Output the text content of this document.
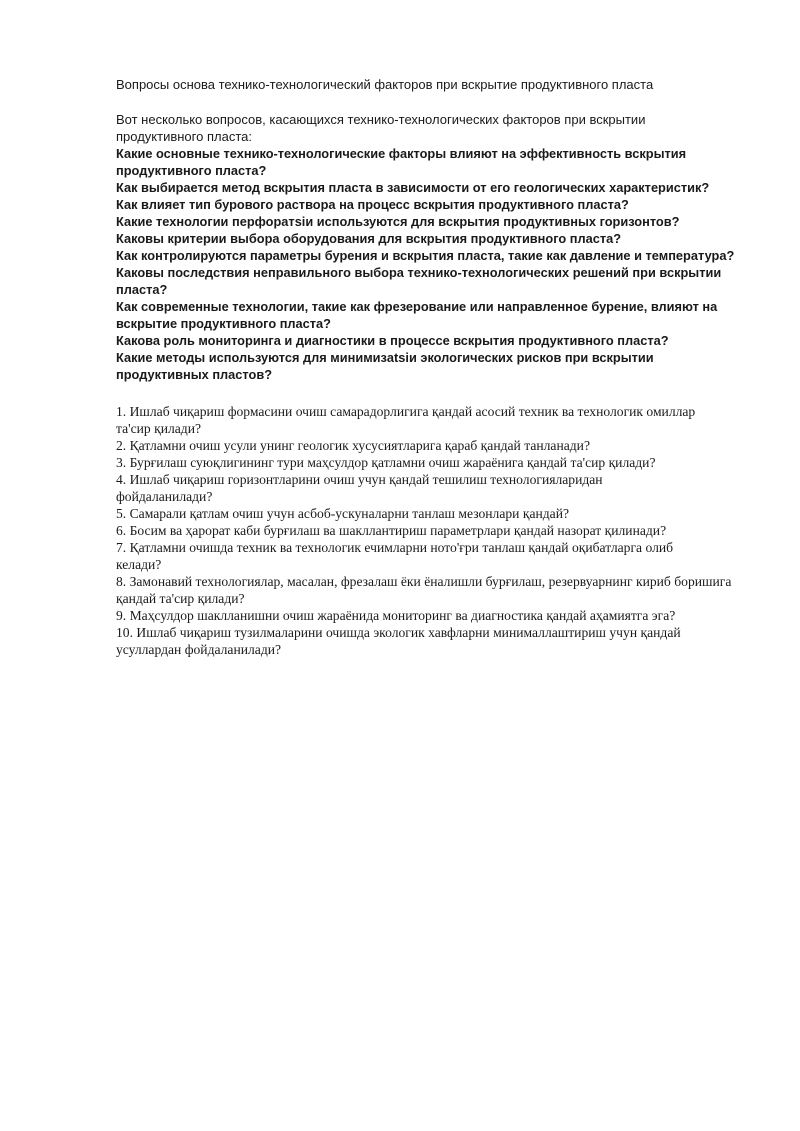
Вопросы основа технико-технологический факторов при вскрытие продуктивного пласта

Вот несколько вопросов, касающихся технико-технологических факторов при вскрытии продуктивного пласта:

Какие основные технико-технологические факторы влияют на эффективность вскрытия продуктивного пласта?
Как выбирается метод вскрытия пласта в зависимости от его геологических характеристик?
Как влияет тип бурового раствора на процесс вскрытия продуктивного пласта?
Какие технологии перфоратsiи используются для вскрытия продуктивных горизонтов?
Каковы критерии выбора оборудования для вскрытия продуктивного пласта?
Как контролируются параметры бурения и вскрытия пласта, такие как давление и температура?
Каковы последствия неправильного выбора технико-технологических решений при вскрытии пласта?
Как современные технологии, такие как фрезерование или направленное бурение, влияют на вскрытие продуктивного пласта?
Какова роль мониторинга и диагностики в процессе вскрытия продуктивного пласта?
Какие методы используются для минимизatsiи экологических рисков при вскрытии продуктивных пластов?
1. Ишлаб чиқариш формасини очиш самарадорлигига қандай асосий техник ва технологик омиллар та'сир қилади?
2. Қатламни очиш усули унинг геологик хусусиятларига қараб қандай танланади?
3. Бурғилаш суюқлигининг тури маҳсулдор қатламни очиш жараёнига қандай та'сир қилади?
4. Ишлаб чиқариш горизонтларини очиш учун қандай тешилиш технологияларидан фойдаланилади?
5. Самарали қатлам очиш учун асбоб-ускуналарни танлаш мезонлари қандай?
6. Босим ва ҳарорат каби бурғилаш ва шакллантириш параметрлари қандай назорат қилинади?
7. Қатламни очишда техник ва технологик ечимларни ното'ғри танлаш қандай оқибатларга олиб келади?
8. Замонавий технологиялар, масалан, фрезалаш ёки ёналишли бурғилаш, резервуарнинг кириб боришига қандай та'сир қилади?
9. Маҳсулдор шаклланишни очиш жараёнида мониторинг ва диагностика қандай аҳамиятга эга?
10. Ишлаб чиқариш тузилмаларини очишда экологик хавфларни минималлаштириш учун қандай усуллардан фойдаланилади?
